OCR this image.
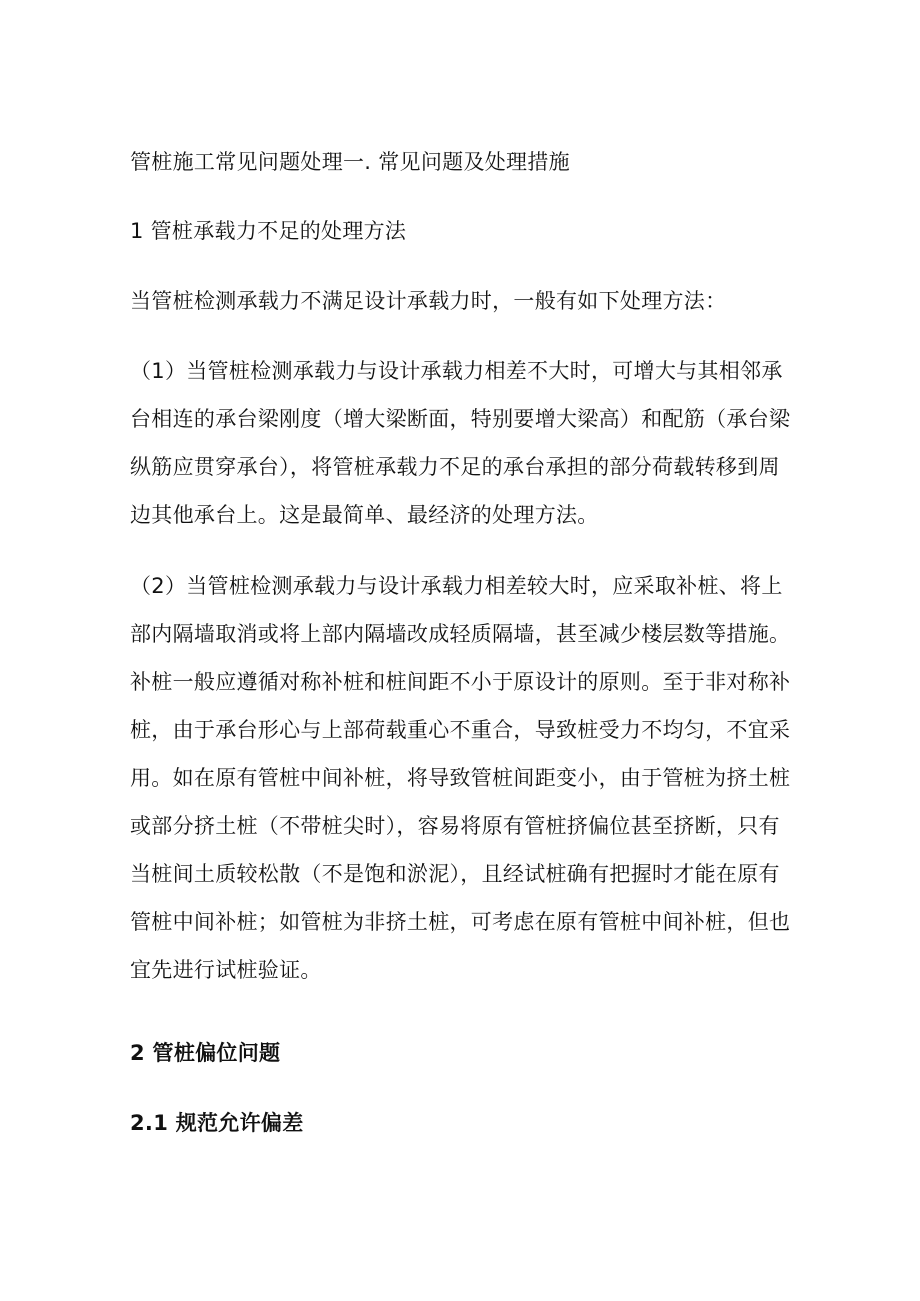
管桩施工常见问题处理一. 常见问题及处理措施
1 管桩承载力不足的处理方法
当管桩检测承载力不满足设计承载力时，一般有如下处理方法：
（1）当管桩检测承载力与设计承载力相差不大时，可增大与其相邻承
台相连的承台梁刚度（增大梁断面，特别要增大梁高）和配筋（承台梁
纵筋应贯穿承台），将管桩承载力不足的承台承担的部分荷载转移到周
边其他承台上。这是最简单、最经济的处理方法。
（2）当管桩检测承载力与设计承载力相差较大时，应采取补桩、将上
部内隔墙取消或将上部内隔墙改成轻质隔墙，甚至减少楼层数等措施。
补桩一般应遵循对称补桩和桩间距不小于原设计的原则。至于非对称补
桩，由于承台形心与上部荷载重心不重合，导致桩受力不均匀，不宜采
用。如在原有管桩中间补桩，将导致管桩间距变小，由于管桩为挤土桩
或部分挤土桩（不带桩尖时），容易将原有管桩挤偏位甚至挤断，只有
当桩间土质较松散（不是饱和淤泥），且经试桩确有把握时才能在原有
管桩中间补桩；如管桩为非挤土桩，可考虑在原有管桩中间补桩，但也
宜先进行试桩验证。
2 管桩偏位问题
2.1 规范允许偏差
